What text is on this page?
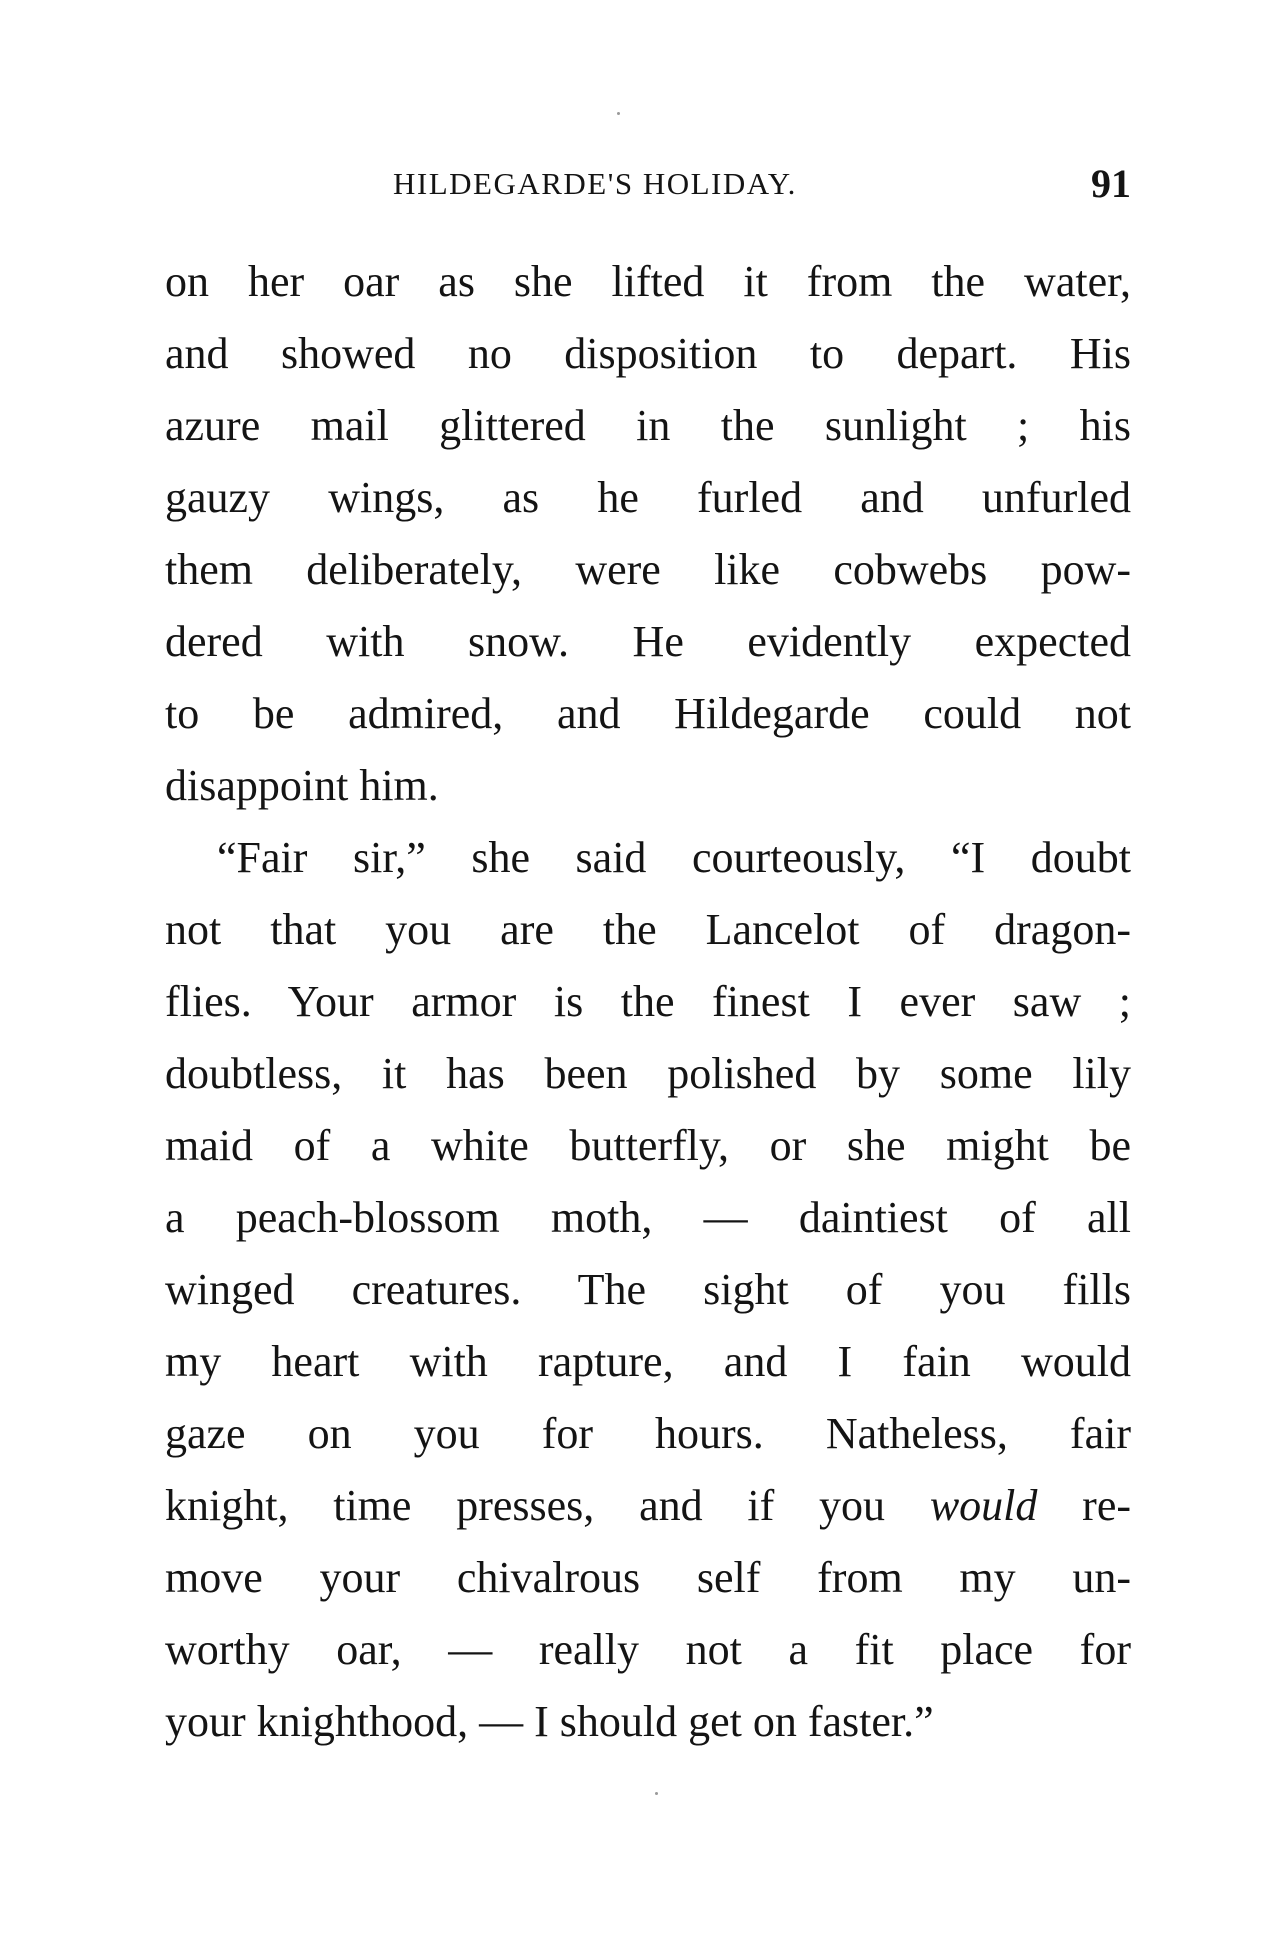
HILDEGARDE'S HOLIDAY.	91
on her oar as she lifted it from the water,
and showed no disposition to depart. His
azure mail glittered in the sunlight ; his
gauzy wings, as he furled and unfurled
them deliberately, were like cobwebs pow-
dered with snow. He evidently expected
to be admired, and Hildegarde could not
disappoint him.
“Fair sir,” she said courteously, “I doubt
not that you are the Lancelot of dragon-
flies. Your armor is the finest I ever saw ;
doubtless, it has been polished by some lily
maid of a white butterfly, or she might be
a peach-blossom moth, — daintiest of all
winged creatures. The sight of you fills
my heart with rapture, and I fain would
gaze on you for hours. Natheless, fair
knight, time presses, and if you would re-
move your chivalrous self from my un-
worthy oar, — really not a fit place for
your knighthood, — I should get on faster.”
